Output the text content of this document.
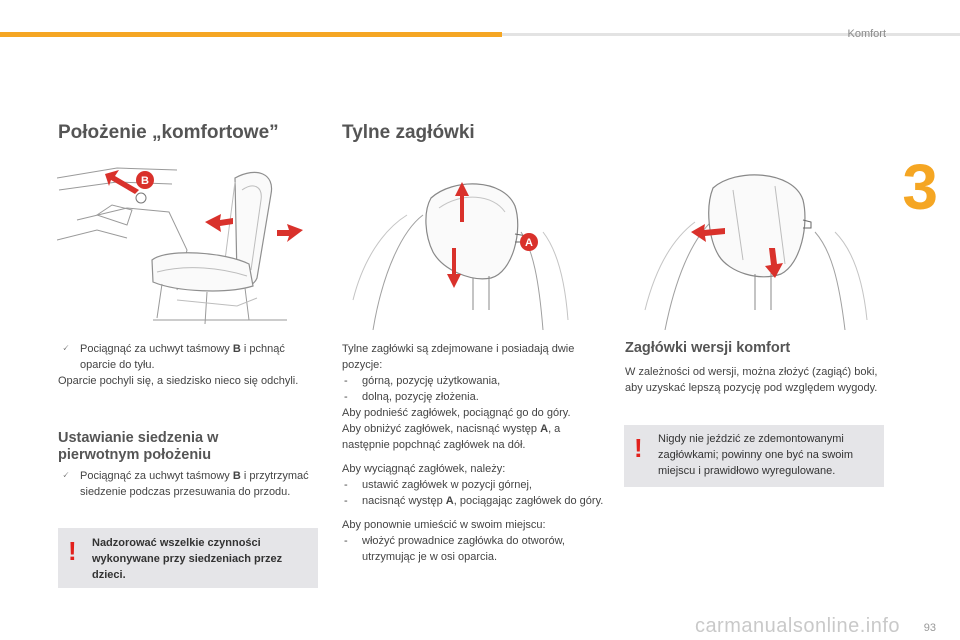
Komfort
3
Położenie „komfortowe”
B

🗸 Pociągnąć za uchwyt taśmowy B i pchnąć oparcie do tyłu.

Oparcie pochyli się, a siedzisko nieco się odchyli.

Ustawianie siedzenia w pierwotnym położeniu

🗸 Pociągnąć za uchwyt taśmowy B i przytrzymać siedzenie podczas przesuwania do przodu.

! Nadzorować wszelkie czynności wykonywane przy siedzeniach przez dzieci.
Tylne zagłówki
A

Tylne zagłówki są zdejmowane i posiadają dwie pozycje:

- górną, pozycję użytkowania,

- dolną, pozycję złożenia.

Aby podnieść zagłówek, pociągnąć go do góry.

Aby obniżyć zagłówek, nacisnąć występ A, a następnie popchnąć zagłówek na dół.

Aby wyciągnąć zagłówek, należy:

- ustawić zagłówek w pozycji górnej,

- nacisnąć występ A, pociągając zagłówek do góry.

Aby ponownie umieścić w swoim miejscu:

- włożyć prowadnice zagłówka do otworów, utrzymując je w osi oparcia.

Zagłówki wersji komfort

W zależności od wersji, można złożyć (zagiąć) boki, aby uzyskać lepszą pozycję pod względem wygody.

! Nigdy nie jeździć ze zdemontowanymi zagłówkami; powinny one być na swoim miejscu i prawidłowo wyregulowane.
carmanualsonline.info 93
